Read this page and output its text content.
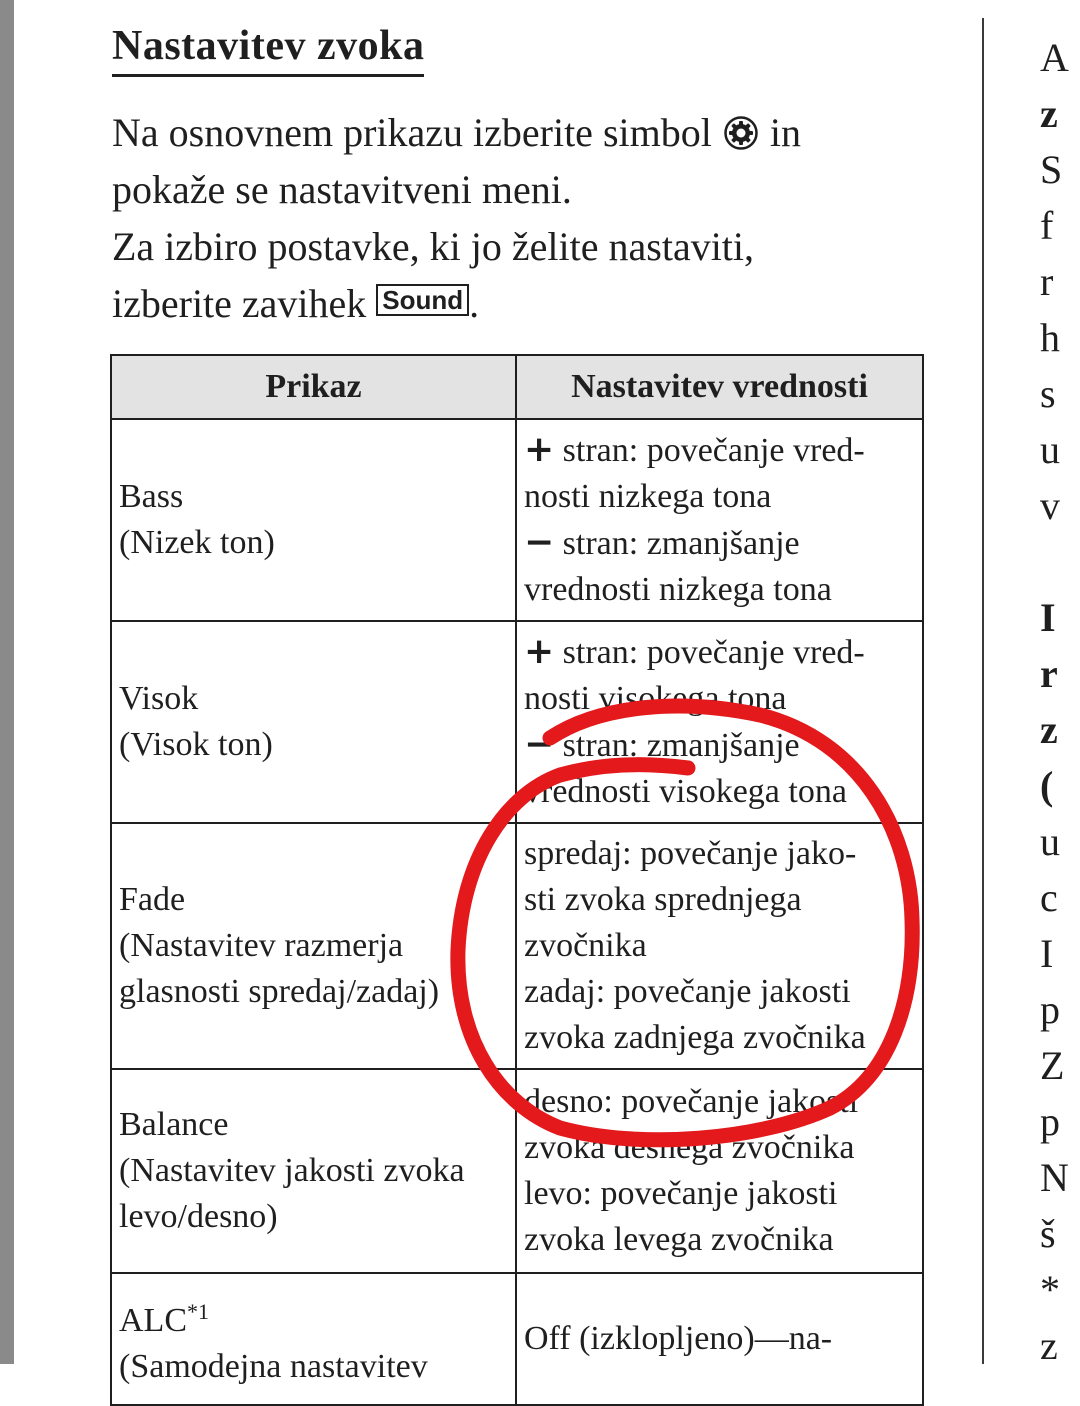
Nastavitev zvoka

Na osnovnem prikazu izberite simbol in
pokaže se nastavitveni meni.
Za izbiro postavke, ki jo želite nastaviti,
izberite zavihek Sound .

Prikaz	Nastavitev vrednosti

Bass
(Nizek ton)	+ stran: povečanje vred-
nosti nizkega tona
− stran: zmanjšanje
vrednosti nizkega tona

Visok
(Visok ton)	+ stran: povečanje vred-
nosti visokega tona
− stran: zmanjšanje
vrednosti visokega tona

Fade
(Nastavitev razmerja
glasnosti spredaj/zadaj)	spredaj: povečanje jako-
sti zvoka sprednjega
zvočnika
zadaj: povečanje jakosti
zvoka zadnjega zvočnika

Balance
(Nastavitev jakosti zvoka
levo/desno)	desno: povečanje jakosti
zvoka desnega zvočnika
levo: povečanje jakosti
zvoka levega zvočnika

ALC$^{*1}$
(Samodejna nastavitev	Off (izklopljeno)—na-
A
z
S
f
r
h
s
u
v

I
r
z
(
u
c
I
p
Z
p
N
š
*
z
